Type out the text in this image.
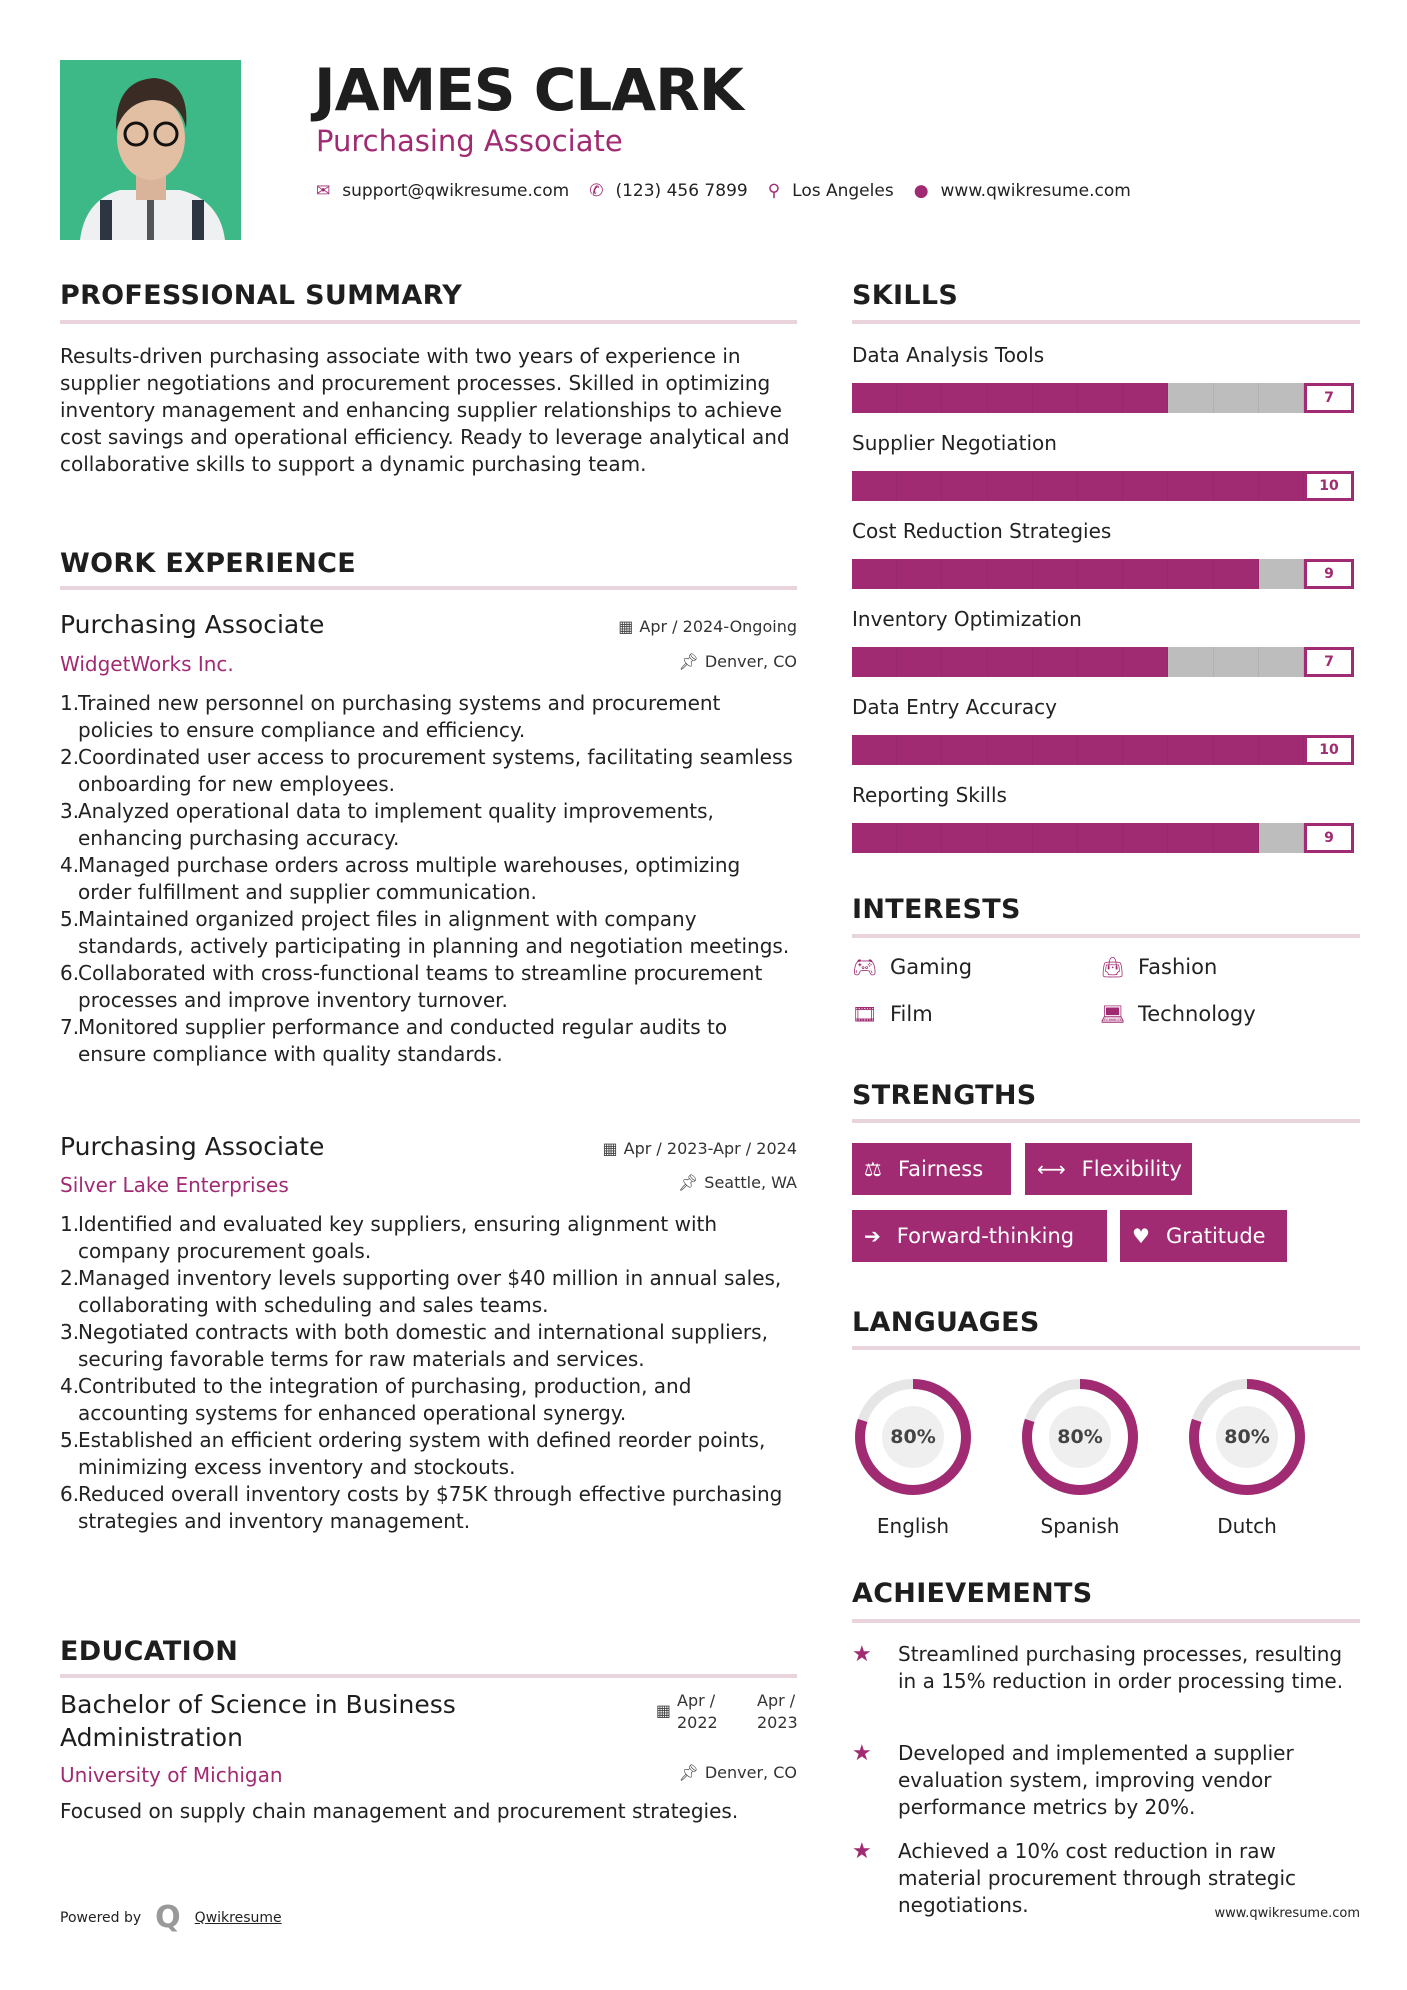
JAMES CLARK
Purchasing Associate
✉ support@qwikresume.com ✆ (123) 456 7899 ⚲ Los Angeles ● www.qwikresume.com
PROFESSIONAL SUMMARY
Results-driven purchasing associate with two years of experience in supplier negotiations and procurement processes. Skilled in optimizing inventory management and enhancing supplier relationships to achieve cost savings and operational efficiency. Ready to leverage analytical and collaborative skills to support a dynamic purchasing team.
WORK EXPERIENCE
Purchasing Associate	▦ Apr / 2024-Ongoing
WidgetWorks Inc.	📌︎ Denver, CO
1.
Trained new personnel on purchasing systems and procurement policies to ensure compliance and efficiency.
2.
Coordinated user access to procurement systems, facilitating seamless onboarding for new employees.
3.
Analyzed operational data to implement quality improvements, enhancing purchasing accuracy.
4.
Managed purchase orders across multiple warehouses, optimizing order fulfillment and supplier communication.
5.
Maintained organized project files in alignment with company standards, actively participating in planning and negotiation meetings.
6.
Collaborated with cross-functional teams to streamline procurement processes and improve inventory turnover.
7.
Monitored supplier performance and conducted regular audits to ensure compliance with quality standards.
Purchasing Associate	▦ Apr / 2023-Apr / 2024
Silver Lake Enterprises	📌︎ Seattle, WA
1.
Identified and evaluated key suppliers, ensuring alignment with company procurement goals.
2.
Managed inventory levels supporting over $40 million in annual sales, collaborating with scheduling and sales teams.
3.
Negotiated contracts with both domestic and international suppliers, securing favorable terms for raw materials and services.
4.
Contributed to the integration of purchasing, production, and accounting systems for enhanced operational synergy.
5.
Established an efficient ordering system with defined reorder points, minimizing excess inventory and stockouts.
6.
Reduced overall inventory costs by $75K through effective purchasing strategies and inventory management.
EDUCATION
Bachelor of Science in Business Administration
▦
Apr / 2022
Apr / 2023
University of Michigan	📌︎ Denver, CO
Focused on supply chain management and procurement strategies.
Powered by Q Qwikresume
SKILLS
Data Analysis Tools
7
Supplier Negotiation
10
Cost Reduction Strategies
9
Inventory Optimization
7
Data Entry Accuracy
10
Reporting Skills
9
INTERESTS
🎮︎ Gaming	👜︎ Fashion
🎞︎ Film	💻︎ Technology
STRENGTHS
⚖ Fairness	⟷ Flexibility
➔ Forward-thinking	♥ Gratitude
LANGUAGES
80%
English
80%
Spanish
80%
Dutch
ACHIEVEMENTS
★	Streamlined purchasing processes, resulting in a 15% reduction in order processing time.
★	Developed and implemented a supplier evaluation system, improving vendor performance metrics by 20%.
★	Achieved a 10% cost reduction in raw material procurement through strategic negotiations.	www.qwikresume.com
